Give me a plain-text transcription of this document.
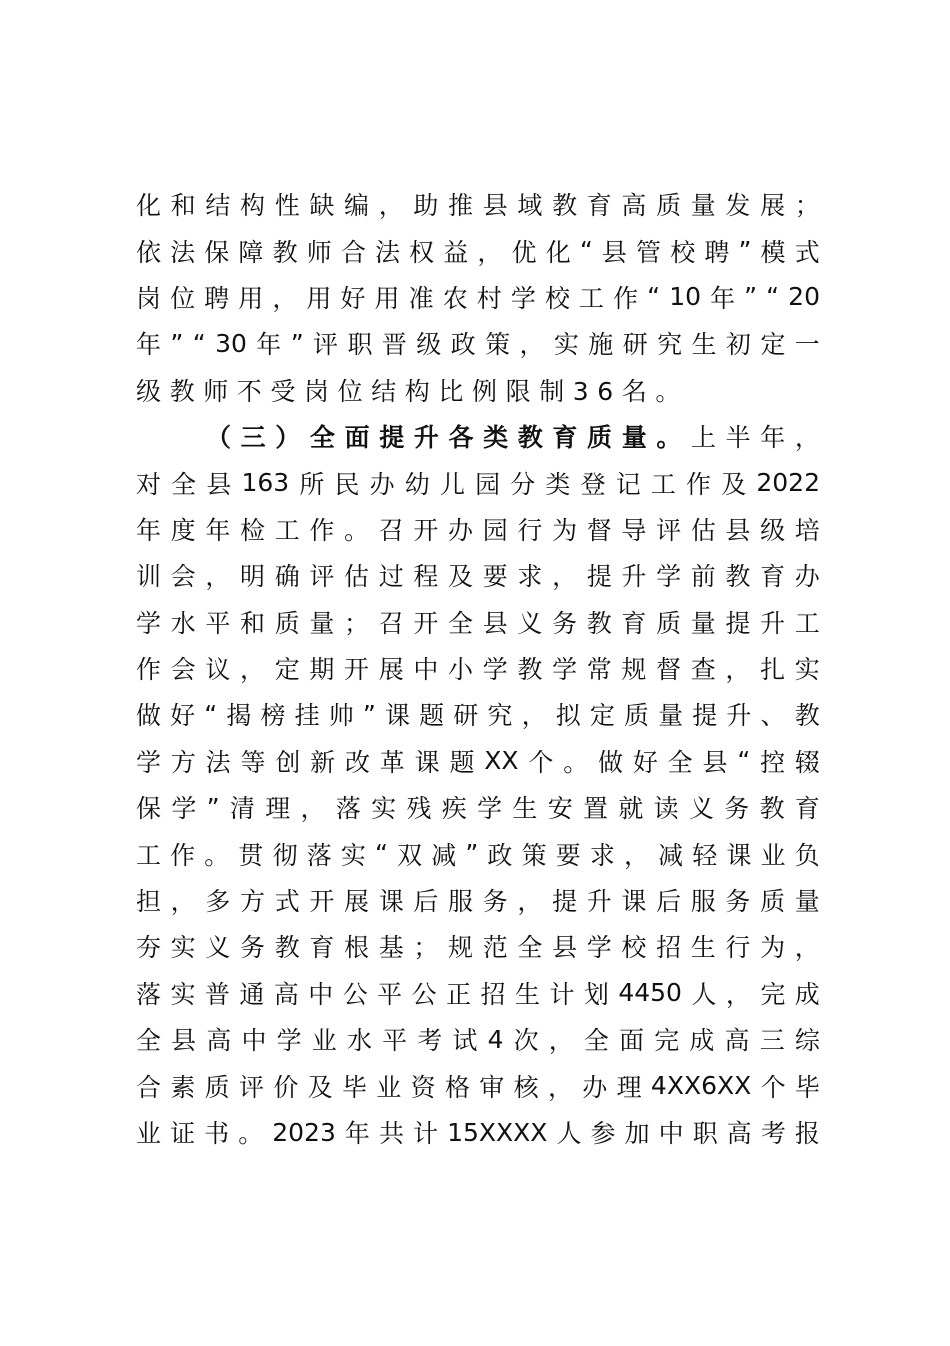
化 和 结 构 性 缺 编 ， 助 推 县 域 教 育 高 质 量 发 展 ；
依 法 保 障 教 师 合 法 权 益 ， 优 化 “ 县 管 校 聘 ” 模 式
岗 位 聘 用 ， 用 好 用 准 农 村 学 校 工 作 “ 10 年 ” “ 20
年 ” “ 30 年 ” 评 职 晋 级 政 策 ， 实 施 研 究 生 初 定 一
级教师不受岗位结构比例限制36名。
（ 三 ） 全 面 提 升 各 类 教 育 质 量 。 上 半 年 ，
对 全 县 163 所 民 办 幼 儿 园 分 类 登 记 工 作 及 2022
年 度 年 检 工 作 。 召 开 办 园 行 为 督 导 评 估 县 级 培
训 会 ， 明 确 评 估 过 程 及 要 求 ， 提 升 学 前 教 育 办
学 水 平 和 质 量 ； 召 开 全 县 义 务 教 育 质 量 提 升 工
作 会 议 ， 定 期 开 展 中 小 学 教 学 常 规 督 查 ， 扎 实
做 好 “ 揭 榜 挂 帅 ” 课 题 研 究 ， 拟 定 质 量 提 升 、 教
学 方 法 等 创 新 改 革 课 题 XX 个 。 做 好 全 县 “ 控 辍
保 学 ” 清 理 ， 落 实 残 疾 学 生 安 置 就 读 义 务 教 育
工 作 。 贯 彻 落 实 “ 双 减 ” 政 策 要 求 ， 减 轻 课 业 负
担 ， 多 方 式 开 展 课 后 服 务 ， 提 升 课 后 服 务 质 量
夯 实 义 务 教 育 根 基 ； 规 范 全 县 学 校 招 生 行 为 ，
落 实 普 通 高 中 公 平 公 正 招 生 计 划 4450 人 ， 完 成
全 县 高 中 学 业 水 平 考 试 4 次 ， 全 面 完 成 高 三 综
合 素 质 评 价 及 毕 业 资 格 审 核 ， 办 理 4XX6XX 个 毕
业 证 书 。 2023 年 共 计 15XXXX 人 参 加 中 职 高 考 报
